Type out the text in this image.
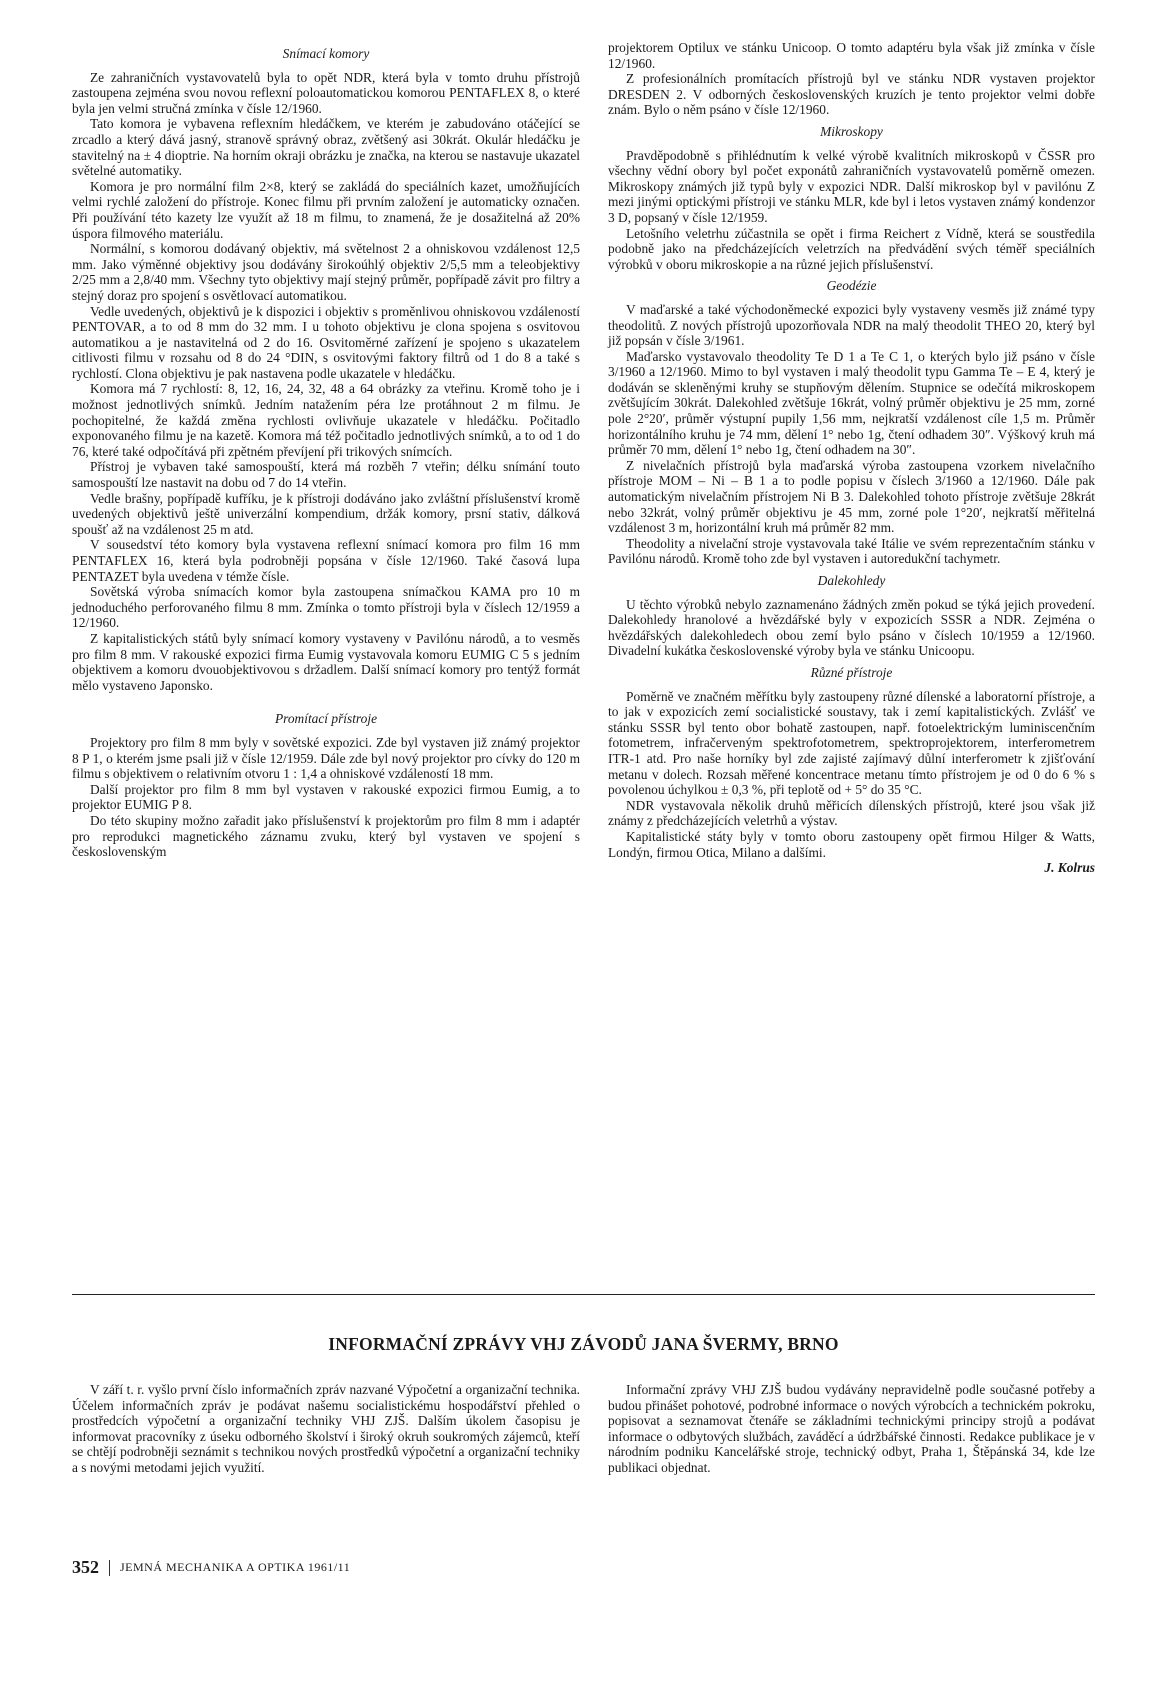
Snímací komory

Ze zahraničních vystavovatelů byla to opět NDR, která byla v tomto druhu přístrojů zastoupena zejména svou novou reflexní poloautomatickou komorou PENTAFLEX 8, o které byla jen velmi stručná zmínka v čísle 12/1960.

Tato komora je vybavena reflexním hledáčkem, ve kterém je zabudováno otáčející se zrcadlo a který dává jasný, stranově správný obraz, zvětšený asi 30krát. Okulár hledáčku je stavitelný na ± 4 dioptrie. Na horním okraji obrázku je značka, na kterou se nastavuje ukazatel světelné automatiky.

Komora je pro normální film 2×8, který se zakládá do speciálních kazet, umožňujících velmi rychlé založení do přístroje. Konec filmu při prvním založení je automaticky označen. Při používání této kazety lze využít až 18 m filmu, to znamená, že je dosažitelná až 20% úspora filmového materiálu.

Normální, s komorou dodávaný objektiv, má světelnost 2 a ohniskovou vzdálenost 12,5 mm. Jako výměnné objektivy jsou dodávány širokoúhlý objektiv 2/5,5 mm a teleobjektivy 2/25 mm a 2,8/40 mm. Všechny tyto objektivy mají stejný průměr, popřípadě závit pro filtry a stejný doraz pro spojení s osvětlovací automatikou.

Vedle uvedených, objektivů je k dispozici i objektiv s proměnlivou ohniskovou vzdáleností PENTOVAR, a to od 8 mm do 32 mm. I u tohoto objektivu je clona spojena s osvitovou automatikou a je nastavitelná od 2 do 16. Osvitoměrné zařízení je spojeno s ukazatelem citlivosti filmu v rozsahu od 8 do 24 °DIN, s osvitovými faktory filtrů od 1 do 8 a také s rychlostí. Clona objektivu je pak nastavena podle ukazatele v hledáčku.

Komora má 7 rychlostí: 8, 12, 16, 24, 32, 48 a 64 obrázky za vteřinu. Kromě toho je i možnost jednotlivých snímků. Jedním natažením péra lze protáhnout 2 m filmu. Je pochopitelné, že každá změna rychlosti ovlivňuje ukazatele v hledáčku. Počitadlo exponovaného filmu je na kazetě. Komora má též počitadlo jednotlivých snímků, a to od 1 do 76, které také odpočítává při zpětném převíjení při trikových snímcích.

Přístroj je vybaven také samospouští, která má rozběh 7 vteřin; délku snímání touto samospouští lze nastavit na dobu od 7 do 14 vteřin.

Vedle brašny, popřípadě kufříku, je k přístroji dodáváno jako zvláštní příslušenství kromě uvedených objektivů ještě univerzální kompendium, držák komory, prsní stativ, dálková spoušť až na vzdálenost 25 m atd.

V sousedství této komory byla vystavena reflexní snímací komora pro film 16 mm PENTAFLEX 16, která byla podrobněji popsána v čísle 12/1960. Také časová lupa PENTAZET byla uvedena v témže čísle.

Sovětská výroba snímacích komor byla zastoupena snímačkou KAMA pro 10 m jednoduchého perforovaného filmu 8 mm. Zmínka o tomto přístroji byla v číslech 12/1959 a 12/1960.

Z kapitalistických států byly snímací komory vystaveny v Pavilónu národů, a to vesměs pro film 8 mm. V rakouské expozici firma Eumig vystavovala komoru EUMIG C 5 s jedním objektivem a komoru dvouobjektivovou s držadlem. Další snímací komory pro tentýž formát mělo vystaveno Japonsko.

Promítací přístroje

Projektory pro film 8 mm byly v sovětské expozici. Zde byl vystaven již známý projektor 8 P 1, o kterém jsme psali již v čísle 12/1959. Dále zde byl nový projektor pro cívky do 120 m filmu s objektivem o relativním otvoru 1 : 1,4 a ohniskové vzdáleností 18 mm.

Další projektor pro film 8 mm byl vystaven v rakouské expozici firmou Eumig, a to projektor EUMIG P 8.

Do této skupiny možno zařadit jako příslušenství k projektorům pro film 8 mm i adaptér pro reprodukci magnetického záznamu zvuku, který byl vystaven ve spojení s československým

projektorem Optilux ve stánku Unicoop. O tomto adaptéru byla však již zmínka v čísle 12/1960.

Z profesionálních promítacích přístrojů byl ve stánku NDR vystaven projektor DRESDEN 2. V odborných československých kruzích je tento projektor velmi dobře znám. Bylo o něm psáno v čísle 12/1960.

Mikroskopy

Pravděpodobně s přihlédnutím k velké výrobě kvalitních mikroskopů v ČSSR pro všechny vědní obory byl počet exponátů zahraničních vystavovatelů poměrně omezen. Mikroskopy známých již typů byly v expozici NDR. Další mikroskop byl v pavilónu Z mezi jinými optickými přístroji ve stánku MLR, kde byl i letos vystaven známý kondenzor 3 D, popsaný v čísle 12/1959.

Letošního veletrhu zúčastnila se opět i firma Reichert z Vídně, která se soustředila podobně jako na předcházejících veletrzích na předvádění svých téměř speciálních výrobků v oboru mikroskopie a na různé jejich příslušenství.

Geodézie

V maďarské a také východoněmecké expozici byly vystaveny vesměs již známé typy theodolitů. Z nových přístrojů upozorňovala NDR na malý theodolit THEO 20, který byl již popsán v čísle 3/1961.

Maďarsko vystavovalo theodolity Te D 1 a Te C 1, o kterých bylo již psáno v čísle 3/1960 a 12/1960. Mimo to byl vystaven i malý theodolit typu Gamma Te – E 4, který je dodáván se skleněnými kruhy se stupňovým dělením. Stupnice se odečítá mikroskopem zvětšujícím 30krát. Dalekohled zvětšuje 16krát, volný průměr objektivu je 25 mm, zorné pole 2°20′, průměr výstupní pupily 1,56 mm, nejkratší vzdálenost cíle 1,5 m. Průměr horizontálního kruhu je 74 mm, dělení 1° nebo 1g, čtení odhadem 30″. Výškový kruh má průměr 70 mm, dělení 1° nebo 1g, čtení odhadem na 30″.

Z nivelačních přístrojů byla maďarská výroba zastoupena vzorkem nivelačního přístroje MOM – Ni – B 1 a to podle popisu v číslech 3/1960 a 12/1960. Dále pak automatickým nivelačním přístrojem Ni B 3. Dalekohled tohoto přístroje zvětšuje 28krát nebo 32krát, volný průměr objektivu je 45 mm, zorné pole 1°20′, nejkratší měřitelná vzdálenost 3 m, horizontální kruh má průměr 82 mm.

Theodolity a nivelační stroje vystavovala také Itálie ve svém reprezentačním stánku v Pavilónu národů. Kromě toho zde byl vystaven i autoredukční tachymetr.

Dalekohledy

U těchto výrobků nebylo zaznamenáno žádných změn pokud se týká jejich provedení. Dalekohledy hranolové a hvězdářské byly v expozicích SSSR a NDR. Zejména o hvězdářských dalekohledech obou zemí bylo psáno v číslech 10/1959 a 12/1960. Divadelní kukátka československé výroby byla ve stánku Unicoopu.

Různé přístroje

Poměrně ve značném měřítku byly zastoupeny různé dílenské a laboratorní přístroje, a to jak v expozicích zemí socialistické soustavy, tak i zemí kapitalistických. Zvlášť ve stánku SSSR byl tento obor bohatě zastoupen, např. fotoelektrickým luminiscenčním fotometrem, infračerveným spektrofotometrem, spektroprojektorem, interferometrem ITR-1 atd. Pro naše horníky byl zde zajisté zajímavý důlní interferometr k zjišťování metanu v dolech. Rozsah měřené koncentrace metanu tímto přístrojem je od 0 do 6 % s povolenou úchylkou ± 0,3 %, při teplotě od + 5° do 35 °C.

NDR vystavovala několik druhů měřicích dílenských přístrojů, které jsou však již známy z předcházejících veletrhů a výstav.

Kapitalistické státy byly v tomto oboru zastoupeny opět firmou Hilger & Watts, Londýn, firmou Otica, Milano a dalšími.

J. Kolrus

INFORMAČNÍ ZPRÁVY VHJ ZÁVODŮ JANA ŠVERMY, BRNO

V září t. r. vyšlo první číslo informačních zpráv nazvané Výpočetní a organizační technika. Účelem informačních zpráv je podávat našemu socialistickému hospodářství přehled o prostředcích výpočetní a organizační techniky VHJ ZJŠ. Dalším úkolem časopisu je informovat pracovníky z úseku odborného školství i široký okruh soukromých zájemců, kteří se chtějí podrobněji seznámit s technikou nových prostředků výpočetní a organizační techniky a s novými metodami jejich využití.

Informační zprávy VHJ ZJŠ budou vydávány nepravidelně podle současné potřeby a budou přinášet pohotové, podrobné informace o nových výrobcích a technickém pokroku, popisovat a seznamovat čtenáře se základními technickými principy strojů a podávat informace o odbytových službách, zaváděcí a údržbářské činnosti. Redakce publikace je v národním podniku Kancelářské stroje, technický odbyt, Praha 1, Štěpánská 34, kde lze publikaci objednat.

352 JEMNÁ MECHANIKA A OPTIKA 1961/11
